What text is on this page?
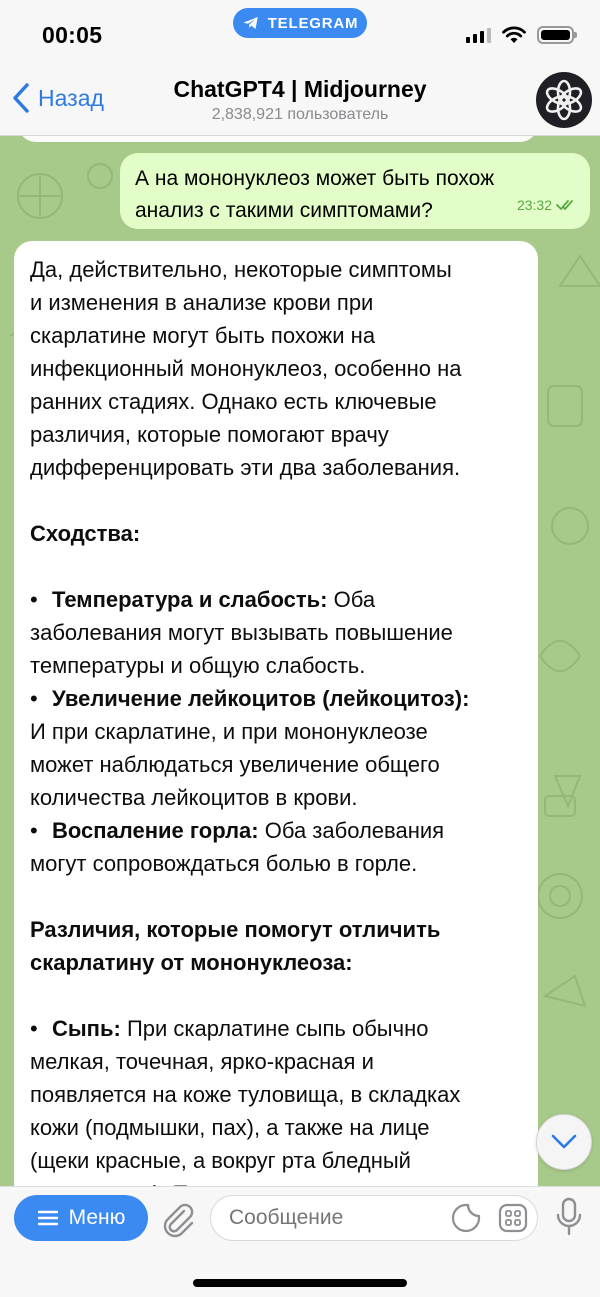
00:05	TELEGRAM
Назад	ChatGPT4 | Midjourney
2,838,921 пользователь
А на мононуклеоз может быть похож
анализ с такими симптомами?	23:32

Да, действительно, некоторые симптомы

и изменения в анализе крови при

скарлатине могут быть похожи на

инфекционный мононуклеоз, особенно на

ранних стадиях. Однако есть ключевые

различия, которые помогают врачу

дифференцировать эти два заболевания.

Сходства:

• Температура и слабость: Оба

заболевания могут вызывать повышение

температуры и общую слабость.

• Увеличение лейкоцитов (лейкоцитоз):

И при скарлатине, и при мононуклеозе

может наблюдаться увеличение общего

количества лейкоцитов в крови.

• Воспаление горла: Оба заболевания

могут сопровождаться болью в горле.

Различия, которые помогут отличить

скарлатину от мононуклеоза:

• Сыпь: При скарлатине сыпь обычно

мелкая, точечная, ярко-красная и

появляется на коже туловища, в складках

кожи (подмышки, пах), а также на лице

(щеки красные, а вокруг рта бледный

Меню
Сообщение
